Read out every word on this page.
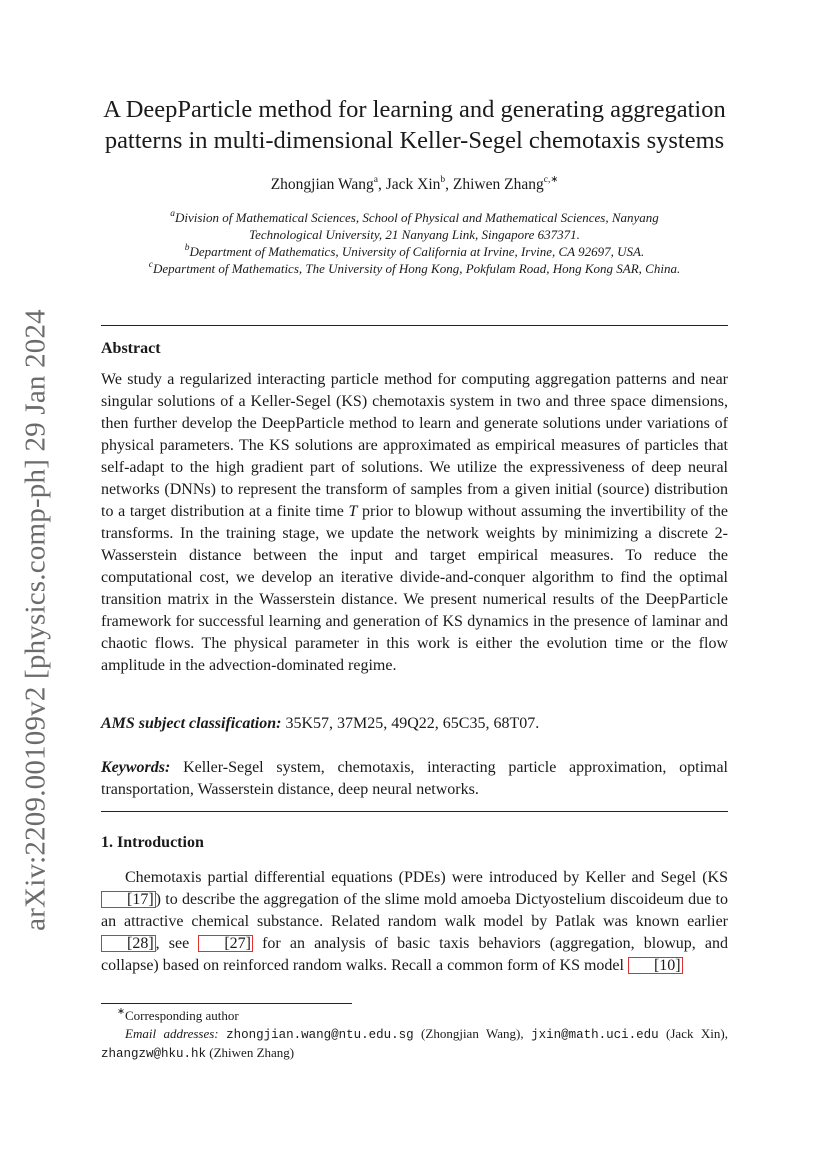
arXiv:2209.00109v2 [physics.comp-ph] 29 Jan 2024
A DeepParticle method for learning and generating aggregation
patterns in multi-dimensional Keller-Segel chemotaxis systems
Zhongjian Wang$^a$, Jack Xin$^b$, Zhiwen Zhang$^{c,∗}$
$^a$Division of Mathematical Sciences, School of Physical and Mathematical Sciences, Nanyang
Technological University, 21 Nanyang Link, Singapore 637371.
$^b$Department of Mathematics, University of California at Irvine, Irvine, CA 92697, USA.
$^c$Department of Mathematics, The University of Hong Kong, Pokfulam Road, Hong Kong SAR, China.
Abstract

We study a regularized interacting particle method for computing aggregation patterns and near singular solutions of a Keller-Segel (KS) chemotaxis system in two and three space dimensions, then further develop the DeepParticle method to learn and generate solutions under variations of physical parameters. The KS solutions are approximated as empirical measures of particles that self-adapt to the high gradient part of solutions. We utilize the expressiveness of deep neural networks (DNNs) to represent the transform of samples from a given initial (source) distribution to a target distribution at a finite time T prior to blowup without assuming the invertibility of the transforms. In the training stage, we update the network weights by minimizing a discrete 2-Wasserstein distance between the input and target empirical measures. To reduce the computational cost, we develop an iterative divide-and-conquer algorithm to find the optimal transition matrix in the Wasserstein distance. We present numerical results of the DeepParticle framework for successful learning and generation of KS dynamics in the presence of laminar and chaotic flows. The physical parameter in this work is either the evolution time or the flow amplitude in the advection-dominated regime.

AMS subject classification: 35K57, 37M25, 49Q22, 65C35, 68T07.

Keywords: Keller-Segel system, chemotaxis, interacting particle approximation, optimal transportation, Wasserstein distance, deep neural networks.

1. Introduction

Chemotaxis partial differential equations (PDEs) were introduced by Keller and Segel (KS [17] ) to describe the aggregation of the slime mold amoeba Dictyostelium discoideum due to an attractive chemical substance. Related random walk model by Patlak was known earlier [28] , see [27] for an analysis of basic taxis behaviors (aggregation, blowup, and collapse) based on reinforced random walks. Recall a common form of KS model [10]

∗Corresponding author
Email addresses: zhongjian.wang@ntu.edu.sg (Zhongjian Wang), jxin@math.uci.edu (Jack Xin), zhangzw@hku.hk (Zhiwen Zhang)
